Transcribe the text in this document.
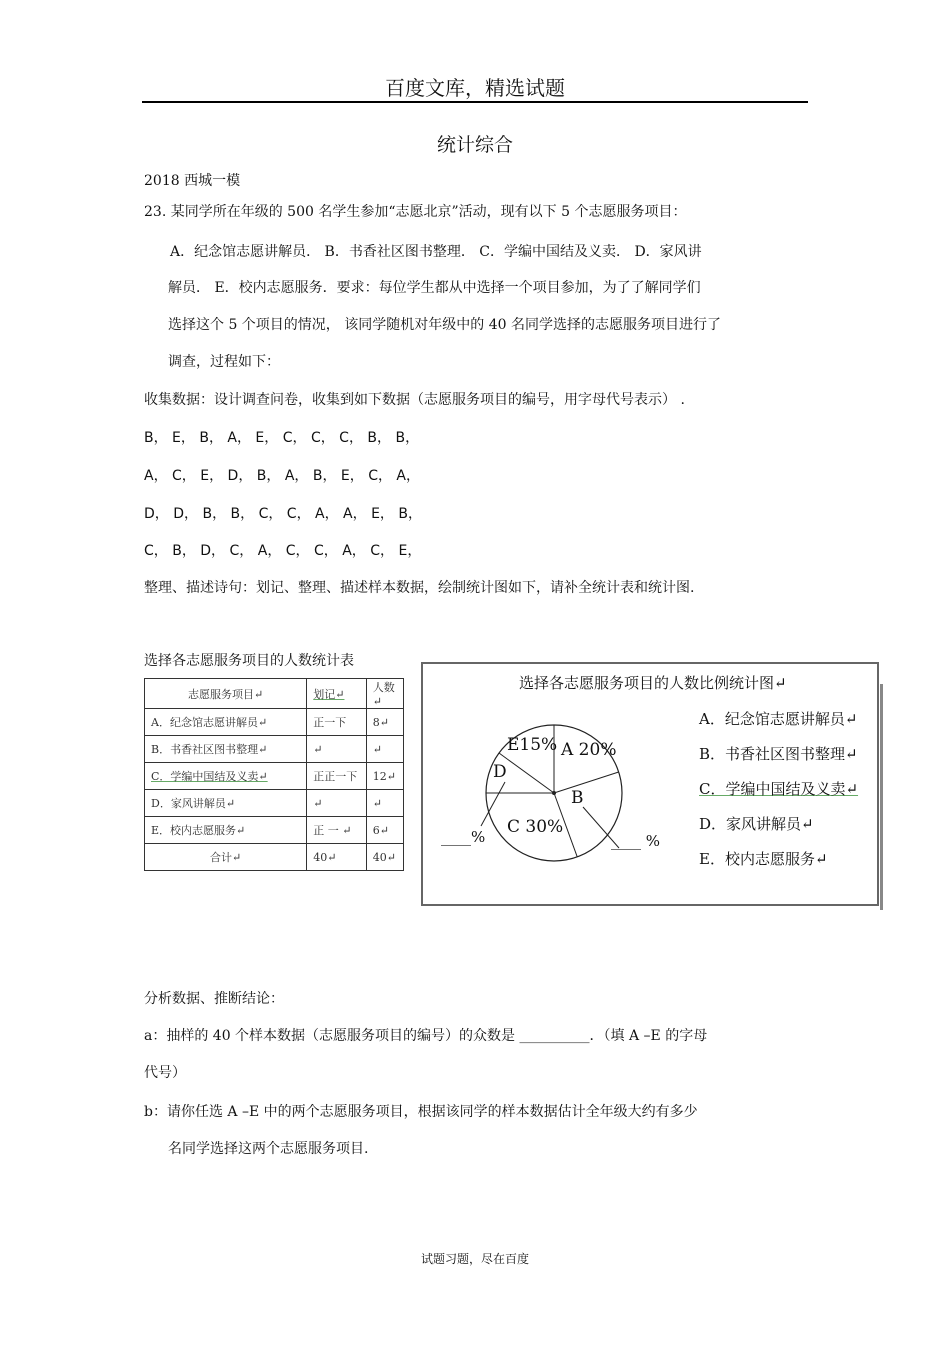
百度文库，精选试题
统计综合
2018 西城一模
23. 某同学所在年级的 500 名学生参加“志愿北京”活动，现有以下 5 个志愿服务项目：
A．纪念馆志愿讲解员． B．书香社区图书整理． C．学编中国结及义卖． D．家风讲
解员． E．校内志愿服务．要求：每位学生都从中选择一个项目参加，为了了解同学们
选择这个 5 个项目的情况， 该同学随机对年级中的 40 名同学选择的志愿服务项目进行了
调查，过程如下：
收集数据：设计调查问卷，收集到如下数据（志愿服务项目的编号，用字母代号表示） .
B， E， B， A， E， C， C， C， B， B，
A， C， E， D， B， A， B， E， C， A，
D， D， B， B， C， C， A， A， E， B，
C， B， D， C， A， C， C， A， C， E，
整理、描述诗句：划记、整理、描述样本数据，绘制统计图如下，请补全统计表和统计图.
选择各志愿服务项目的人数统计表
志愿服务项目↵	划记↵	人数↵
A．纪念馆志愿讲解员↵	正一下	8↵
B．书香社区图书整理↵	↵	↵
C．学编中国结及义卖↵	正正一下	12↵
D．家风讲解员↵	↵	↵
E．校内志愿服务↵	正 一 ↵	6↵
合计↵	40↵	40↵
选择各志愿服务项目的人数比例统计图↵
A 20%
B
C 30%
D
E15%
____%	____ %
A．纪念馆志愿讲解员↵
B．书香社区图书整理↵
C．学编中国结及义卖↵
D．家风讲解员↵
E．校内志愿服务↵
分析数据、推断结论：
a：抽样的 40 个样本数据（志愿服务项目的编号）的众数是 __________．（填 A –E 的字母
代号）
b：请你任选 A –E 中的两个志愿服务项目，根据该同学的样本数据估计全年级大约有多少
名同学选择这两个志愿服务项目.
试题习题，尽在百度
